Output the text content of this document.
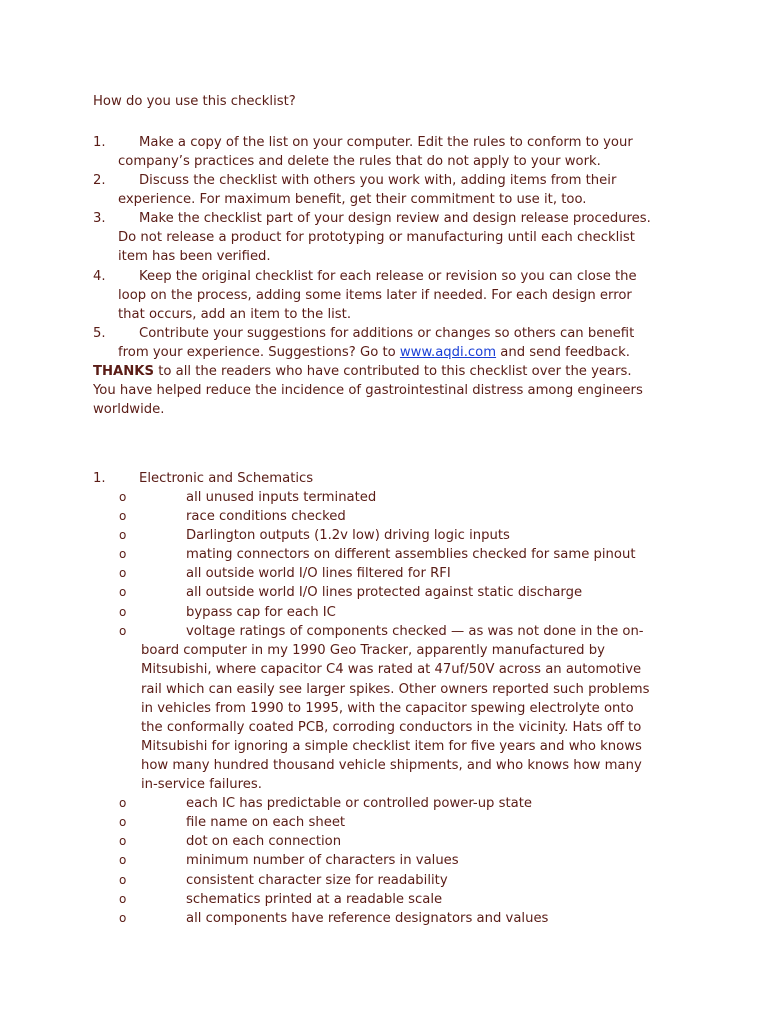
How do you use this checklist?
1.	Make a copy of the list on your computer. Edit the rules to conform to your
company’s practices and delete the rules that do not apply to your work.
2.	Discuss the checklist with others you work with, adding items from their
experience. For maximum benefit, get their commitment to use it, too.
3.	Make the checklist part of your design review and design release procedures.
Do not release a product for prototyping or manufacturing until each checklist
item has been verified.
4.	Keep the original checklist for each release or revision so you can close the
loop on the process, adding some items later if needed. For each design error
that occurs, add an item to the list.
5.	Contribute your suggestions for additions or changes so others can benefit
from your experience. Suggestions? Go to www.aqdi.com and send feedback.
THANKS to all the readers who have contributed to this checklist over the years.
You have helped reduce the incidence of gastrointestinal distress among engineers
worldwide.
1.	Electronic and Schematics
o	all unused inputs terminated
o	race conditions checked
o	Darlington outputs (1.2v low) driving logic inputs
o	mating connectors on different assemblies checked for same pinout
o	all outside world I/O lines filtered for RFI
o	all outside world I/O lines protected against static discharge
o	bypass cap for each IC
o	voltage ratings of components checked — as was not done in the on-
board computer in my 1990 Geo Tracker, apparently manufactured by
Mitsubishi, where capacitor C4 was rated at 47uf/50V across an automotive
rail which can easily see larger spikes. Other owners reported such problems
in vehicles from 1990 to 1995, with the capacitor spewing electrolyte onto
the conformally coated PCB, corroding conductors in the vicinity. Hats off to
Mitsubishi for ignoring a simple checklist item for five years and who knows
how many hundred thousand vehicle shipments, and who knows how many
in-service failures.
o	each IC has predictable or controlled power-up state
o	file name on each sheet
o	dot on each connection
o	minimum number of characters in values
o	consistent character size for readability
o	schematics printed at a readable scale
o	all components have reference designators and values
